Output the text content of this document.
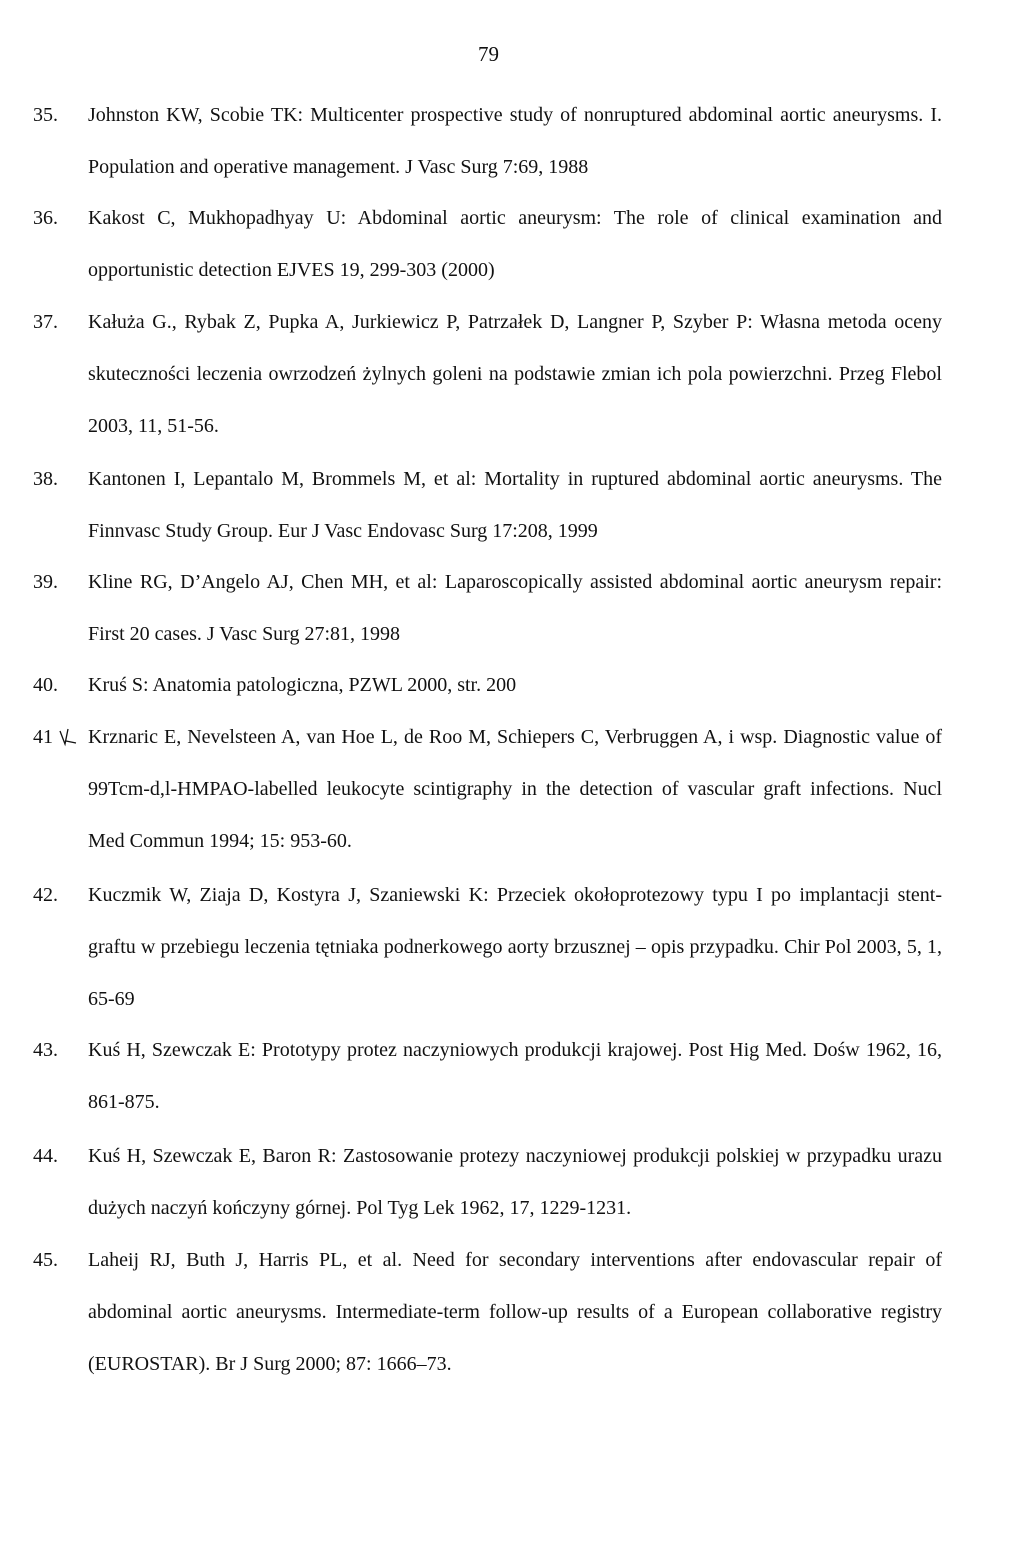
79
35. Johnston KW, Scobie TK: Multicenter prospective study of nonruptured abdominal aortic aneurysms. I. Population and operative management. J Vasc Surg 7:69, 1988
36. Kakost C, Mukhopadhyay U: Abdominal aortic aneurysm: The role of clinical examination and opportunistic detection EJVES 19, 299-303 (2000)
37. Kałuża G., Rybak Z, Pupka A, Jurkiewicz P, Patrzałek D, Langner P, Szyber P: Własna metoda oceny skuteczności leczenia owrzodzeń żylnych goleni na podstawie zmian ich pola powierzchni. Przeg Flebol 2003, 11, 51-56.
38. Kantonen I, Lepantalo M, Brommels M, et al: Mortality in ruptured abdominal aortic aneurysms. The Finnvasc Study Group. Eur J Vasc Endovasc Surg 17:208, 1999
39. Kline RG, D’Angelo AJ, Chen MH, et al: Laparoscopically assisted abdominal aortic aneurysm repair: First 20 cases. J Vasc Surg 27:81, 1998
40. Kruś S: Anatomia patologiczna, PZWL 2000, str. 200
41 Krznaric E, Nevelsteen A, van Hoe L, de Roo M, Schiepers C, Verbruggen A, i wsp. Diagnostic value of 99Tcm-d,l-HMPAO-labelled leukocyte scintigraphy in the detection of vascular graft infections. Nucl Med Commun 1994; 15: 953-60.
42. Kuczmik W, Ziaja D, Kostyra J, Szaniewski K: Przeciek okołoprotezowy typu I po implantacji stent-graftu w przebiegu leczenia tętniaka podnerkowego aorty brzusznej – opis przypadku. Chir Pol 2003, 5, 1, 65-69
43. Kuś H, Szewczak E: Prototypy protez naczyniowych produkcji krajowej. Post Hig Med. Dośw 1962, 16, 861-875.
44. Kuś H, Szewczak E, Baron R: Zastosowanie protezy naczyniowej produkcji polskiej w przypadku urazu dużych naczyń kończyny górnej. Pol Tyg Lek 1962, 17, 1229-1231.
45. Laheij RJ, Buth J, Harris PL, et al. Need for secondary interventions after endovascular repair of abdominal aortic aneurysms. Intermediate-term follow-up results of a European collaborative registry (EUROSTAR). Br J Surg 2000; 87: 1666–73.
